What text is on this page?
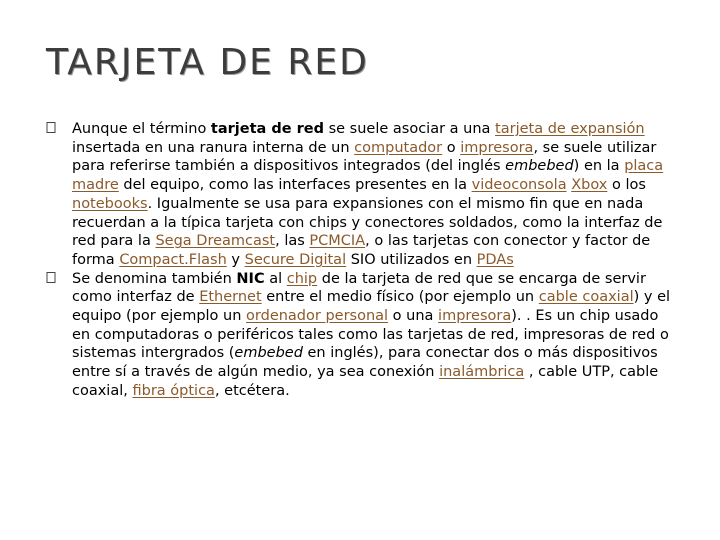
TARJETA DE RED
Aunque el término tarjeta de red se suele asociar a una tarjeta de expansión insertada en una ranura interna de un computador o impresora, se suele utilizar para referirse también a dispositivos integrados (del inglés embebed) en la placa madre del equipo, como las interfaces presentes en la videoconsola Xbox o los notebooks. Igualmente se usa para expansiones con el mismo fin que en nada recuerdan a la típica tarjeta con chips y conectores soldados, como la interfaz de red para la Sega Dreamcast, las PCMCIA, o las tarjetas con conector y factor de forma Compact.Flash y Secure Digital SIO utilizados en PDAs
Se denomina también NIC al chip de la tarjeta de red que se encarga de servir como interfaz de Ethernet entre el medio físico (por ejemplo un cable coaxial) y el equipo (por ejemplo un ordenador personal o una impresora). . Es un chip usado en computadoras o periféricos tales como las tarjetas de red, impresoras de red o sistemas intergrados (embebed en inglés), para conectar dos o más dispositivos entre sí a través de algún medio, ya sea conexión inalámbrica , cable UTP, cable coaxial, fibra óptica, etcétera.
